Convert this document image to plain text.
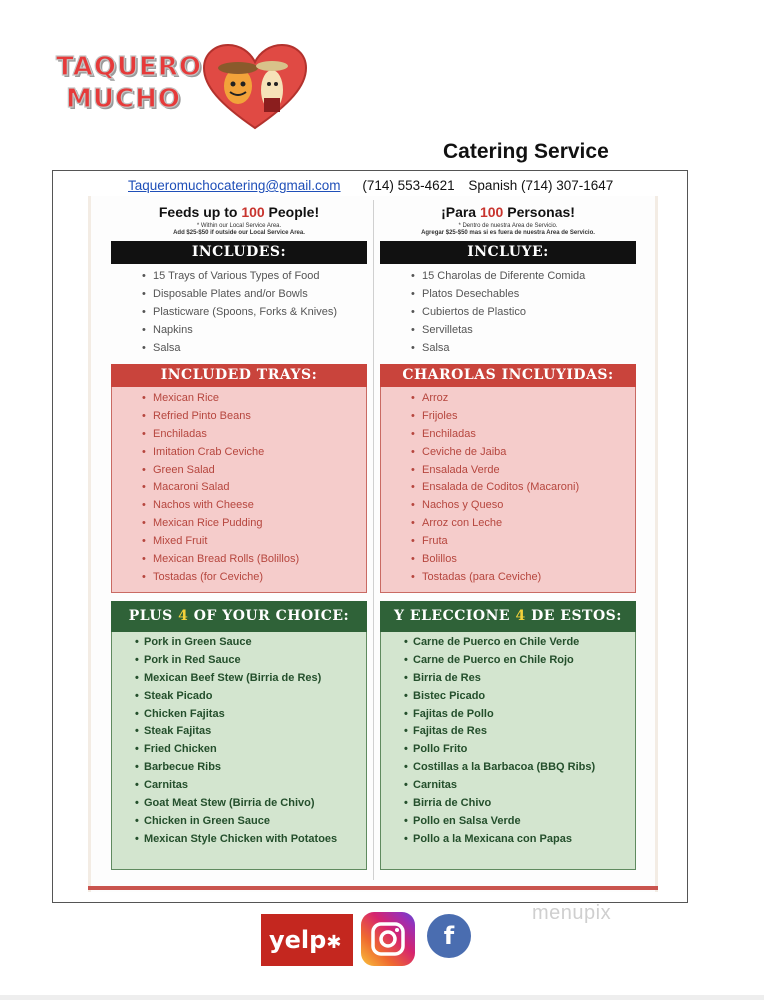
TAQUERO
MUCHO
Catering Service
Taqueromuchocatering@gmail.com (714) 553-4621 Spanish (714) 307-1647
Feeds up to 100 People!
* Within our Local Service Area.
Add $25-$50 if outside our Local Service Area.
INCLUDES:
• 15 Trays of Various Types of Food
• Disposable Plates and/or Bowls
• Plasticware (Spoons, Forks & Knives)
• Napkins
• Salsa
INCLUDED TRAYS:
• Mexican Rice
• Refried Pinto Beans
• Enchiladas
• Imitation Crab Ceviche
• Green Salad
• Macaroni Salad
• Nachos with Cheese
• Mexican Rice Pudding
• Mixed Fruit
• Mexican Bread Rolls (Bolillos)
• Tostadas (for Ceviche)
PLUS 4 OF YOUR CHOICE:
• Pork in Green Sauce
• Pork in Red Sauce
• Mexican Beef Stew (Birria de Res)
• Steak Picado
• Chicken Fajitas
• Steak Fajitas
• Fried Chicken
• Barbecue Ribs
• Carnitas
• Goat Meat Stew (Birria de Chivo)
• Chicken in Green Sauce
• Mexican Style Chicken with Potatoes
¡Para 100 Personas!
* Dentro de nuestra Area de Servicio.
Agregar $25-$50 mas si es fuera de nuestra Area de Servicio.
INCLUYE:
• 15 Charolas de Diferente Comida
• Platos Desechables
• Cubiertos de Plastico
• Servilletas
• Salsa
CHAROLAS INCLUYIDAS:
• Arroz
• Frijoles
• Enchiladas
• Ceviche de Jaiba
• Ensalada Verde
• Ensalada de Coditos (Macaroni)
• Nachos y Queso
• Arroz con Leche
• Fruta
• Bolillos
• Tostadas (para Ceviche)
Y ELECCIONE 4 DE ESTOS:
• Carne de Puerco en Chile Verde
• Carne de Puerco en Chile Rojo
• Birria de Res
• Bistec Picado
• Fajitas de Pollo
• Fajitas de Res
• Pollo Frito
• Costillas a la Barbacoa (BBQ Ribs)
• Carnitas
• Birria de Chivo
• Pollo en Salsa Verde
• Pollo a la Mexicana con Papas
yelp✱	f
menupix
